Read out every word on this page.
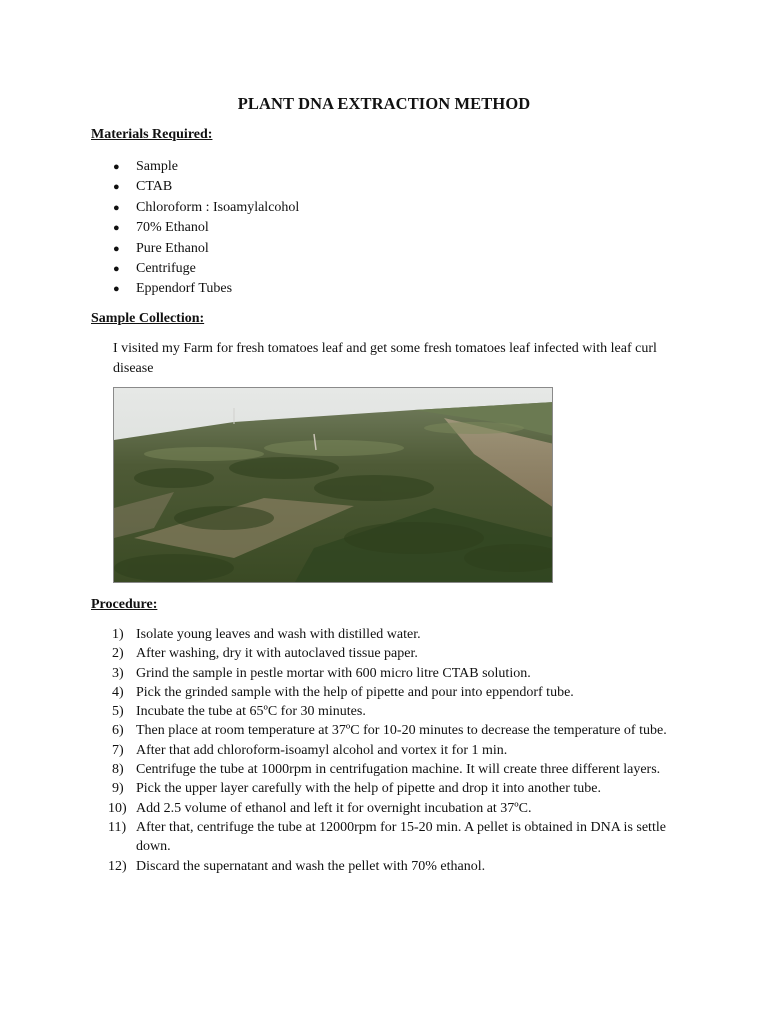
PLANT DNA EXTRACTION METHOD

Materials Required:

● Sample
● CTAB
● Chloroform : Isoamylalcohol
● 70% Ethanol
● Pure Ethanol
● Centrifuge
● Eppendorf Tubes

Sample Collection:

I visited my Farm for fresh tomatoes leaf and get some fresh tomatoes leaf infected with leaf curl disease

Procedure:

1) Isolate young leaves and wash with distilled water.
2) After washing, dry it with autoclaved tissue paper.
3) Grind the sample in pestle mortar with 600 micro litre CTAB solution.
4) Pick the grinded sample with the help of pipette and pour into eppendorf tube.
5) Incubate the tube at 65ºC for 30 minutes.
6) Then place at room temperature at 37ºC for 10-20 minutes to decrease the temperature of tube.
7) After that add chloroform-isoamyl alcohol and vortex it for 1 min.
8) Centrifuge the tube at 1000rpm in centrifugation machine. It will create three different layers.
9) Pick the upper layer carefully with the help of pipette and drop it into another tube.
10) Add 2.5 volume of ethanol and left it for overnight incubation at 37ºC.
11) After that, centrifuge the tube at 12000rpm for 15-20 min. A pellet is obtained in DNA is settle down.
12) Discard the supernatant and wash the pellet with 70% ethanol.
